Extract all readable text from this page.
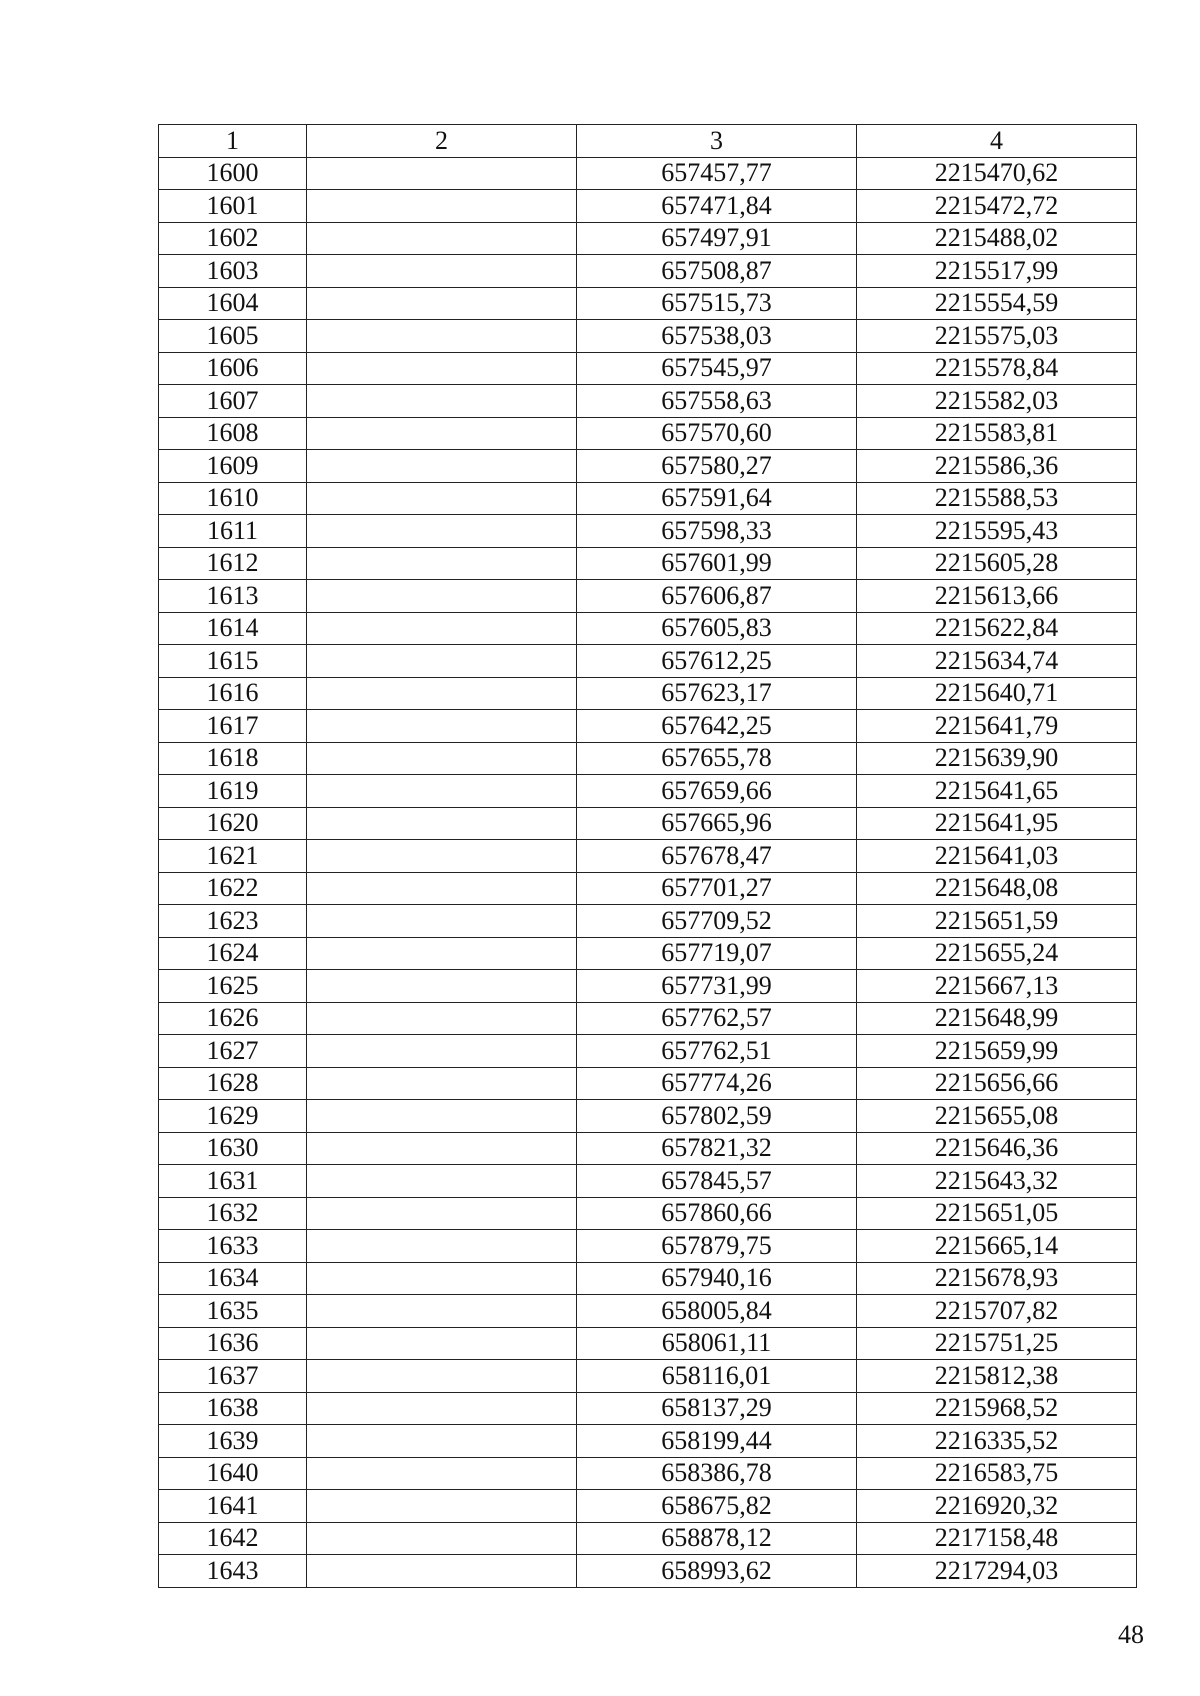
1	2	3	4
1600		657457,77	2215470,62
1601		657471,84	2215472,72
1602		657497,91	2215488,02
1603		657508,87	2215517,99
1604		657515,73	2215554,59
1605		657538,03	2215575,03
1606		657545,97	2215578,84
1607		657558,63	2215582,03
1608		657570,60	2215583,81
1609		657580,27	2215586,36
1610		657591,64	2215588,53
1611		657598,33	2215595,43
1612		657601,99	2215605,28
1613		657606,87	2215613,66
1614		657605,83	2215622,84
1615		657612,25	2215634,74
1616		657623,17	2215640,71
1617		657642,25	2215641,79
1618		657655,78	2215639,90
1619		657659,66	2215641,65
1620		657665,96	2215641,95
1621		657678,47	2215641,03
1622		657701,27	2215648,08
1623		657709,52	2215651,59
1624		657719,07	2215655,24
1625		657731,99	2215667,13
1626		657762,57	2215648,99
1627		657762,51	2215659,99
1628		657774,26	2215656,66
1629		657802,59	2215655,08
1630		657821,32	2215646,36
1631		657845,57	2215643,32
1632		657860,66	2215651,05
1633		657879,75	2215665,14
1634		657940,16	2215678,93
1635		658005,84	2215707,82
1636		658061,11	2215751,25
1637		658116,01	2215812,38
1638		658137,29	2215968,52
1639		658199,44	2216335,52
1640		658386,78	2216583,75
1641		658675,82	2216920,32
1642		658878,12	2217158,48
1643		658993,62	2217294,03
48
